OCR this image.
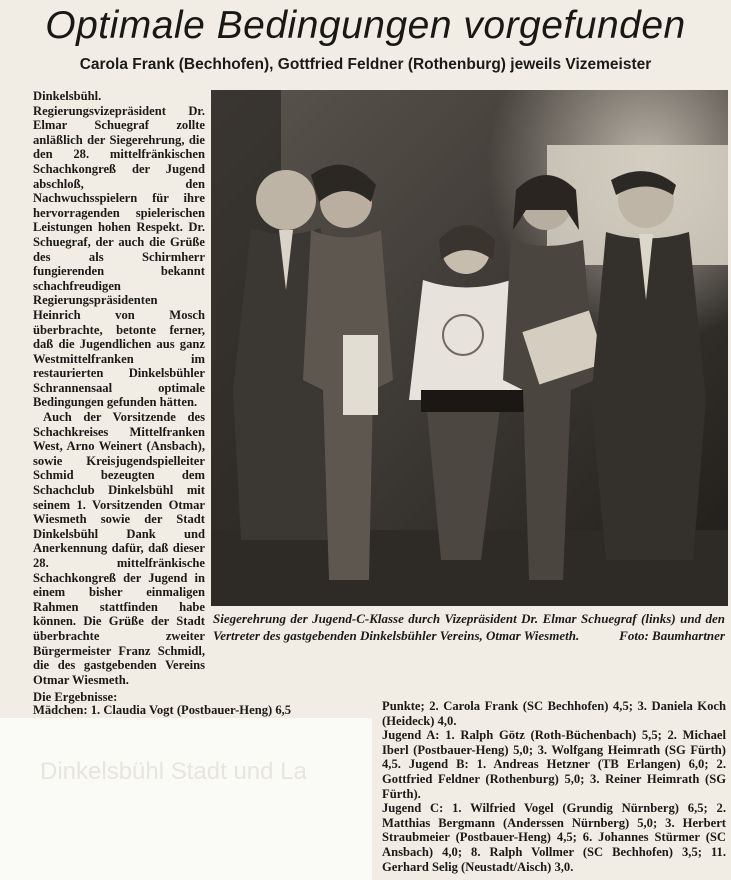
Optimale Bedingungen vorgefunden
Carola Frank (Bechhofen), Gottfried Feldner (Rothenburg) jeweils Vizemeister

Dinkelsbühl. Regierungsvizepräsident Dr. Elmar Schuegraf zollte anläßlich der Siegerehrung, die den 28. mittelfränkischen Schachkongreß der Jugend abschloß, den Nachwuchsspielern für ihre hervorragenden spielerischen Leistungen hohen Respekt. Dr. Schuegraf, der auch die Grüße des als Schirmherr fungierenden bekannt schachfreudigen Regierungspräsidenten Heinrich von Mosch überbrachte, betonte ferner, daß die Jugendlichen aus ganz Westmittelfranken im restaurierten Dinkelsbühler Schrannensaal optimale Bedingungen gefunden hätten.

Auch der Vorsitzende des Schachkreises Mittelfranken West, Arno Weinert (Ansbach), sowie Kreisjugendspielleiter Schmid bezeugten dem Schachclub Dinkelsbühl mit seinem 1. Vorsitzenden Otmar Wiesmeth sowie der Stadt Dinkelsbühl Dank und Anerkennung dafür, daß dieser 28. mittelfränkische Schachkongreß der Jugend in einem bisher einmaligen Rahmen stattfinden habe können. Die Grüße der Stadt überbrachte zweiter Bürgermeister Franz Schmidl, die des gastgebenden Vereins Otmar Wiesmeth.

Siegerehrung der Jugend-C-Klasse durch Vizepräsident Dr. Elmar Schuegraf (links) und den Vertreter des gastgebenden Dinkelsbühler Vereins, Otmar Wiesmeth.	Foto: Baumhartner
Die Ergebnisse:
Mädchen: 1. Claudia Vogt (Postbauer-Heng) 6,5
Dinkelsbühl Stadt und La

Punkte; 2. Carola Frank (SC Bechhofen) 4,5; 3. Daniela Koch (Heideck) 4,0.

Jugend A: 1. Ralph Götz (Roth-Büchenbach) 5,5; 2. Michael Iberl (Postbauer-Heng) 5,0; 3. Wolfgang Heimrath (SG Fürth) 4,5. Jugend B: 1. Andreas Hetzner (TB Erlangen) 6,0; 2. Gottfried Feldner (Rothenburg) 5,0; 3. Reiner Heimrath (SG Fürth).

Jugend C: 1. Wilfried Vogel (Grundig Nürnberg) 6,5; 2. Matthias Bergmann (Anderssen Nürnberg) 5,0; 3. Herbert Straubmeier (Postbauer-Heng) 4,5; 6. Johannes Stürmer (SC Ansbach) 4,0; 8. Ralph Vollmer (SC Bechhofen) 3,5; 11. Gerhard Selig (Neustadt/Aisch) 3,0.
